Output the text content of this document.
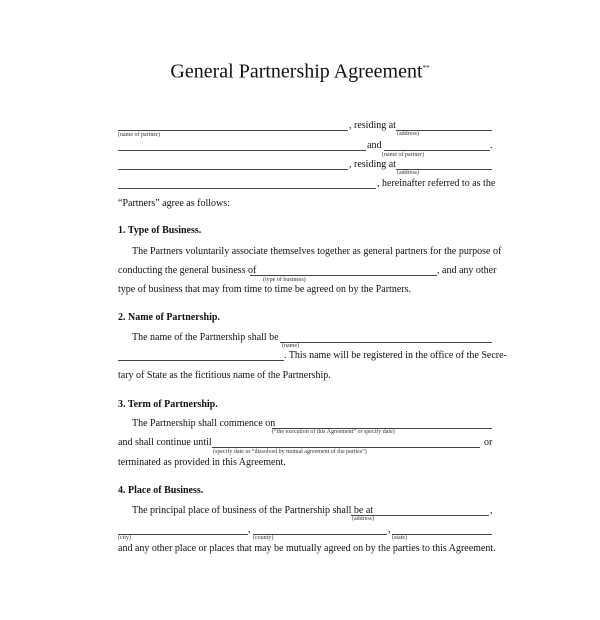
General Partnership Agreement**
, residing at
(name of partner)	(address)
and	.
(name of partner)
, residing at
(address)
, hereinafter referred to as the
“Partners” agree as follows:
1. Type of Business.
The Partners voluntarily associate themselves together as general partners for the purpose of
conducting the general business of	, and any other
(type of business)
type of business that may from time to time be agreed on by the Partners.
2. Name of Partnership.
The name of the Partnership shall be
(name)
. This name will be registered in the office of the Secre-
tary of State as the fictitious name of the Partnership.
3. Term of Partnership.
The Partnership shall commence on
(“the execution of this Agreement” or specify date)
and shall continue until	or
(specify date or “dissolved by mutual agreement of the parties”)
terminated as provided in this Agreement.
4. Place of Business.
The principal place of business of the Partnership shall be at	,
(address)
,
(city)
,
(county)	(state)
and any other place or places that may be mutually agreed on by the parties to this Agreement.
